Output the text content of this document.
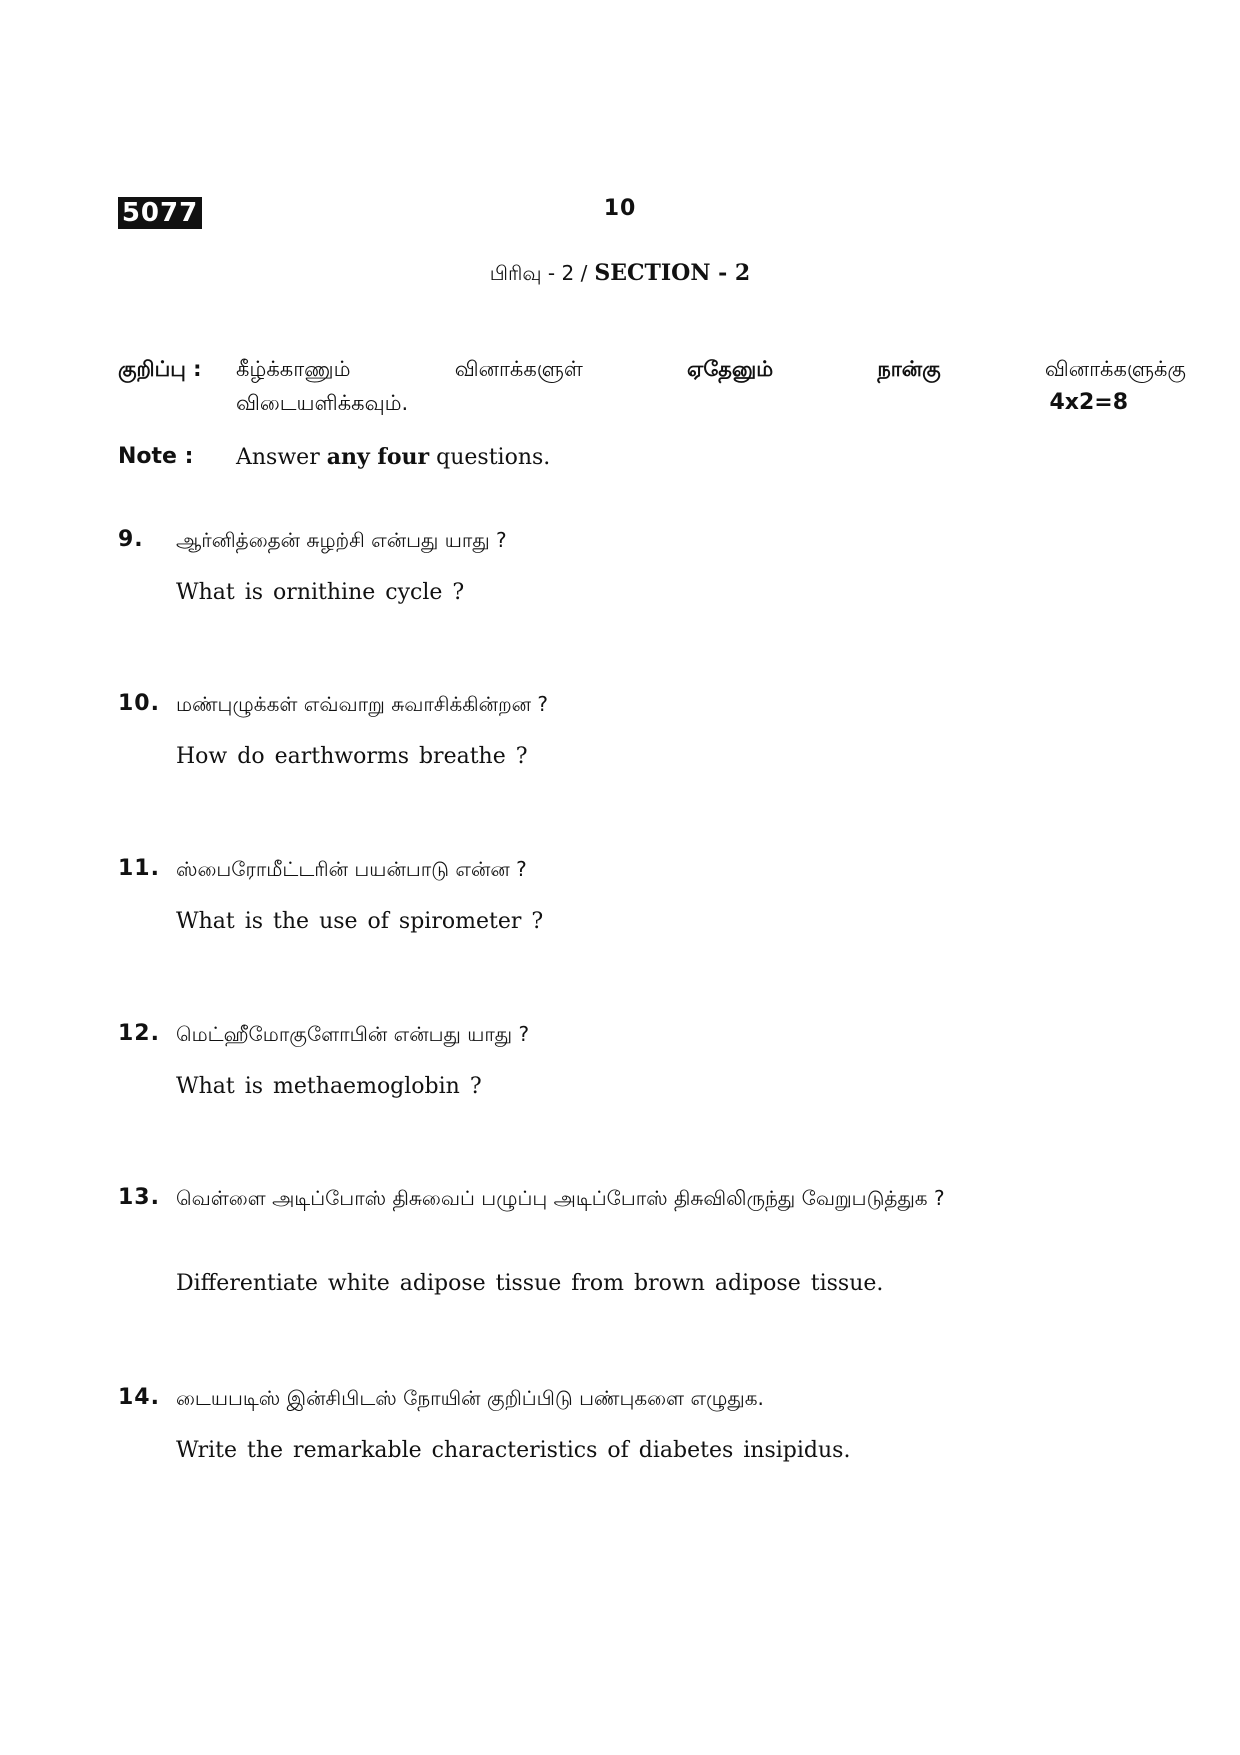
5077	10
பிரிவு - 2 / SECTION - 2
குறிப்பு : கீழ்க்காணும்	வினாக்களுள்	ஏதேனும்	நான்கு	வினாக்களுக்கு
விடையளிக்கவும்.	4x2=8
Note : Answer any four questions.
9. ஆர்னித்தைன் சுழற்சி என்பது யாது ?
What is ornithine cycle ?
10. மண்புழுக்கள் எவ்வாறு சுவாசிக்கின்றன ?
How do earthworms breathe ?
11. ஸ்பைரோமீட்டரின் பயன்பாடு என்ன ?
What is the use of spirometer ?
12. மெட்ஹீமோகுளோபின் என்பது யாது ?
What is methaemoglobin ?
13. வெள்ளை அடிப்போஸ் திசுவைப் பழுப்பு அடிப்போஸ் திசுவிலிருந்து வேறுபடுத்துக ?
Differentiate white adipose tissue from brown adipose tissue.
14. டையபடிஸ் இன்சிபிடஸ் நோயின் குறிப்பிடு பண்புகளை எழுதுக.
Write the remarkable characteristics of diabetes insipidus.
